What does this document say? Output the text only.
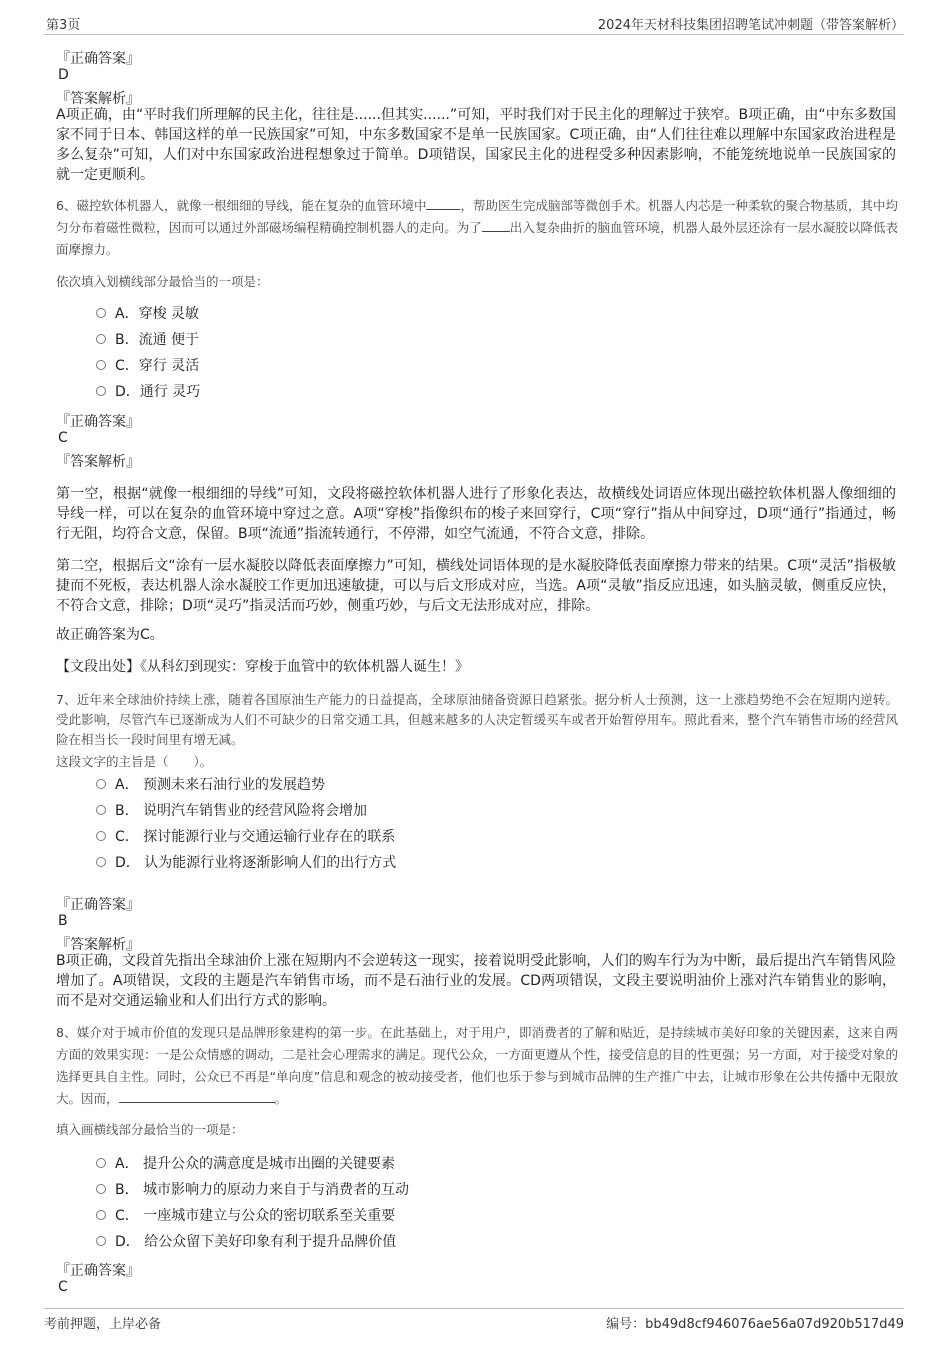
第3页	2024年天材科技集团招聘笔试冲刺题（带答案解析）
『正确答案』
D
『答案解析』

A项正确，由“平时我们所理解的民主化，往往是......但其实......”可知，平时我们对于民主化的理解过于狭窄。B项正确，由“中东多数国家不同于日本、韩国这样的单一民族国家”可知，中东多数国家不是单一民族国家。C项正确，由“人们往往难以理解中东国家政治进程是多么复杂”可知，人们对中东国家政治进程想象过于简单。D项错误，国家民主化的进程受多种因素影响，不能笼统地说单一民族国家的就一定更顺利。

6、磁控软体机器人，就像一根细细的导线，能在复杂的血管环境中	，帮助医生完成脑部等微创手术。机器人内芯是一种柔软的聚合物基质，其中均匀分布着磁性微粒，因而可以通过外部磁场编程精确控制机器人的走向。为了 出入复杂曲折的脑血管环境，机器人最外层还涂有一层水凝胶以降低表面摩擦力。

依次填入划横线部分最恰当的一项是：
A．穿梭 灵敏
B．流通 便于
C．穿行 灵活
D．通行 灵巧
『正确答案』
C
『答案解析』

第一空，根据“就像一根细细的导线”可知，文段将磁控软体机器人进行了形象化表达，故横线处词语应体现出磁控软体机器人像细细的导线一样，可以在复杂的血管环境中穿过之意。A项“穿梭”指像织布的梭子来回穿行，C项“穿行”指从中间穿过，D项“通行”指通过，畅行无阻，均符合文意，保留。B项“流通”指流转通行，不停滞，如空气流通，不符合文意，排除。

第二空，根据后文“涂有一层水凝胶以降低表面摩擦力”可知，横线处词语体现的是水凝胶降低表面摩擦力带来的结果。C项“灵活”指极敏捷而不死板，表达机器人涂水凝胶工作更加迅速敏捷，可以与后文形成对应，当选。A项“灵敏”指反应迅速，如头脑灵敏，侧重反应快，不符合文意，排除；D项“灵巧”指灵活而巧妙，侧重巧妙，与后文无法形成对应，排除。

故正确答案为C。

【文段出处】《从科幻到现实：穿梭于血管中的软体机器人诞生！》

7、近年来全球油价持续上涨，随着各国原油生产能力的日益提高，全球原油储备资源日趋紧张。据分析人士预测，这一上涨趋势绝不会在短期内逆转。受此影响，尽管汽车已逐渐成为人们不可缺少的日常交通工具，但越来越多的人决定暂缓买车或者开始暂停用车。照此看来，整个汽车销售市场的经营风险在相当长一段时间里有增无减。

这段文字的主旨是（　　）。
A． 预测未来石油行业的发展趋势
B． 说明汽车销售业的经营风险将会增加
C． 探讨能源行业与交通运输行业存在的联系
D． 认为能源行业将逐渐影响人们的出行方式
『正确答案』
B
『答案解析』

B项正确，文段首先指出全球油价上涨在短期内不会逆转这一现实，接着说明受此影响，人们的购车行为为中断，最后提出汽车销售风险增加了。A项错误，文段的主题是汽车销售市场，而不是石油行业的发展。CD两项错误，文段主要说明油价上涨对汽车销售业的影响，而不是对交通运输业和人们出行方式的影响。

8、媒介对于城市价值的发现只是品牌形象建构的第一步。在此基础上，对于用户，即消费者的了解和贴近，是持续城市美好印象的关键因素，这来自两方面的效果实现：一是公众情感的调动，二是社会心理需求的满足。现代公众，一方面更遵从个性，接受信息的目的性更强；另一方面，对于接受对象的选择更具自主性。同时，公众已不再是“单向度”信息和观念的被动接受者，他们也乐于参与到城市品牌的生产推广中去，让城市形象在公共传播中无限放大。因而，	。

填入画横线部分最恰当的一项是：
A． 提升公众的满意度是城市出圈的关键要素
B． 城市影响力的原动力来自于与消费者的互动
C． 一座城市建立与公众的密切联系至关重要
D． 给公众留下美好印象有利于提升品牌价值
『正确答案』
C
考前押题，上岸必备	编号：bb49d8cf946076ae56a07d920b517d49
